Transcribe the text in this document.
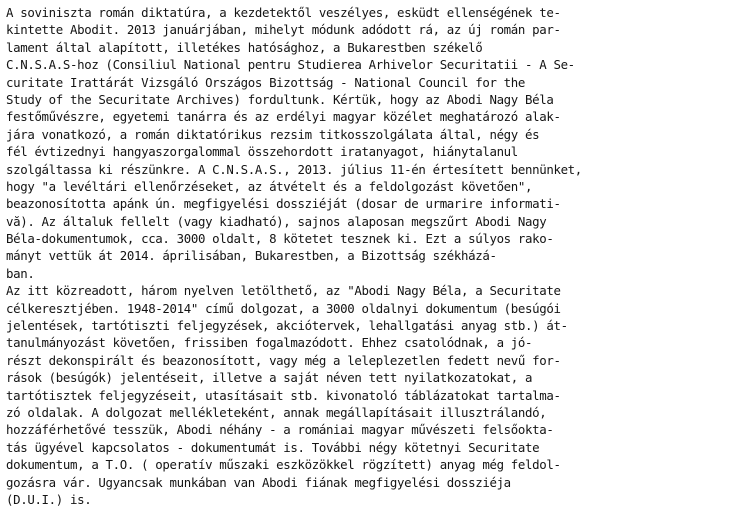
A soviniszta román diktatúra, a kezdetektől veszélyes, esküdt ellenségének te-
kintette Abodit. 2013 januárjában, mihelyt módunk adódott rá, az új román par-
lament által alapított, illetékes hatósághoz, a Bukarestben székelő
C.N.S.A.S-hoz (Consiliul National pentru Studierea Arhivelor Securitatii - A Se-
curitate Irattárát Vizsgáló Országos Bizottság - National Council for the
Study of the Securitate Archives) fordultunk. Kértük, hogy az Abodi Nagy Béla
festőművészre, egyetemi tanárra és az erdélyi magyar közélet meghatározó alak-
jára vonatkozó, a román diktatórikus rezsim titkosszolgálata által, négy és
fél évtizednyi hangyaszorgalommal összehordott iratanyagot, hiánytalanul
szolgáltassa ki részünkre. A C.N.S.A.S., 2013. július 11-én értesített bennünket,
hogy "a levéltári ellenőrzéseket, az átvételt és a feldolgozást követően",
beazonosította apánk ún. megfigyelési dossziéját (dosar de urmarire informati-
vă). Az általuk fellelt (vagy kiadható), sajnos alaposan megszűrt Abodi Nagy
Béla-dokumentumok, cca. 3000 oldalt, 8 kötetet tesznek ki. Ezt a súlyos rako-
mányt vettük át 2014. áprilisában, Bukarestben, a Bizottság székházá-
ban.

Az itt közreadott, három nyelven letölthető, az "Abodi Nagy Béla, a Securitate
célkeresztjében. 1948-2014" című dolgozat, a 3000 oldalnyi dokumentum (besúgói
jelentések, tartótiszti feljegyzések, akciótervek, lehallgatási anyag stb.) át-
tanulmányozást követően, frissiben fogalmazódott. Ehhez csatolódnak, a jó-
részt dekonspirált és beazonosított, vagy még a leleplezetlen fedett nevű for-
rások (besúgók) jelentéseit, illetve a saját néven tett nyilatkozatokat, a
tartótisztek feljegyzéseit, utasításait stb. kivonatoló táblázatokat tartalma-
zó oldalak. A dolgozat mellékleteként, annak megállapításait illusztrálandó,
hozzáférhetővé tesszük, Abodi néhány - a romániai magyar művészeti felsőokta-
tás ügyével kapcsolatos - dokumentumát is. További négy kötetnyi Securitate
dokumentum, a T.O. ( operatív műszaki eszközökkel rögzített) anyag még feldol-
gozásra vár. Ugyancsak munkában van Abodi fiának megfigyelési dossziéja
(D.U.I.) is.
